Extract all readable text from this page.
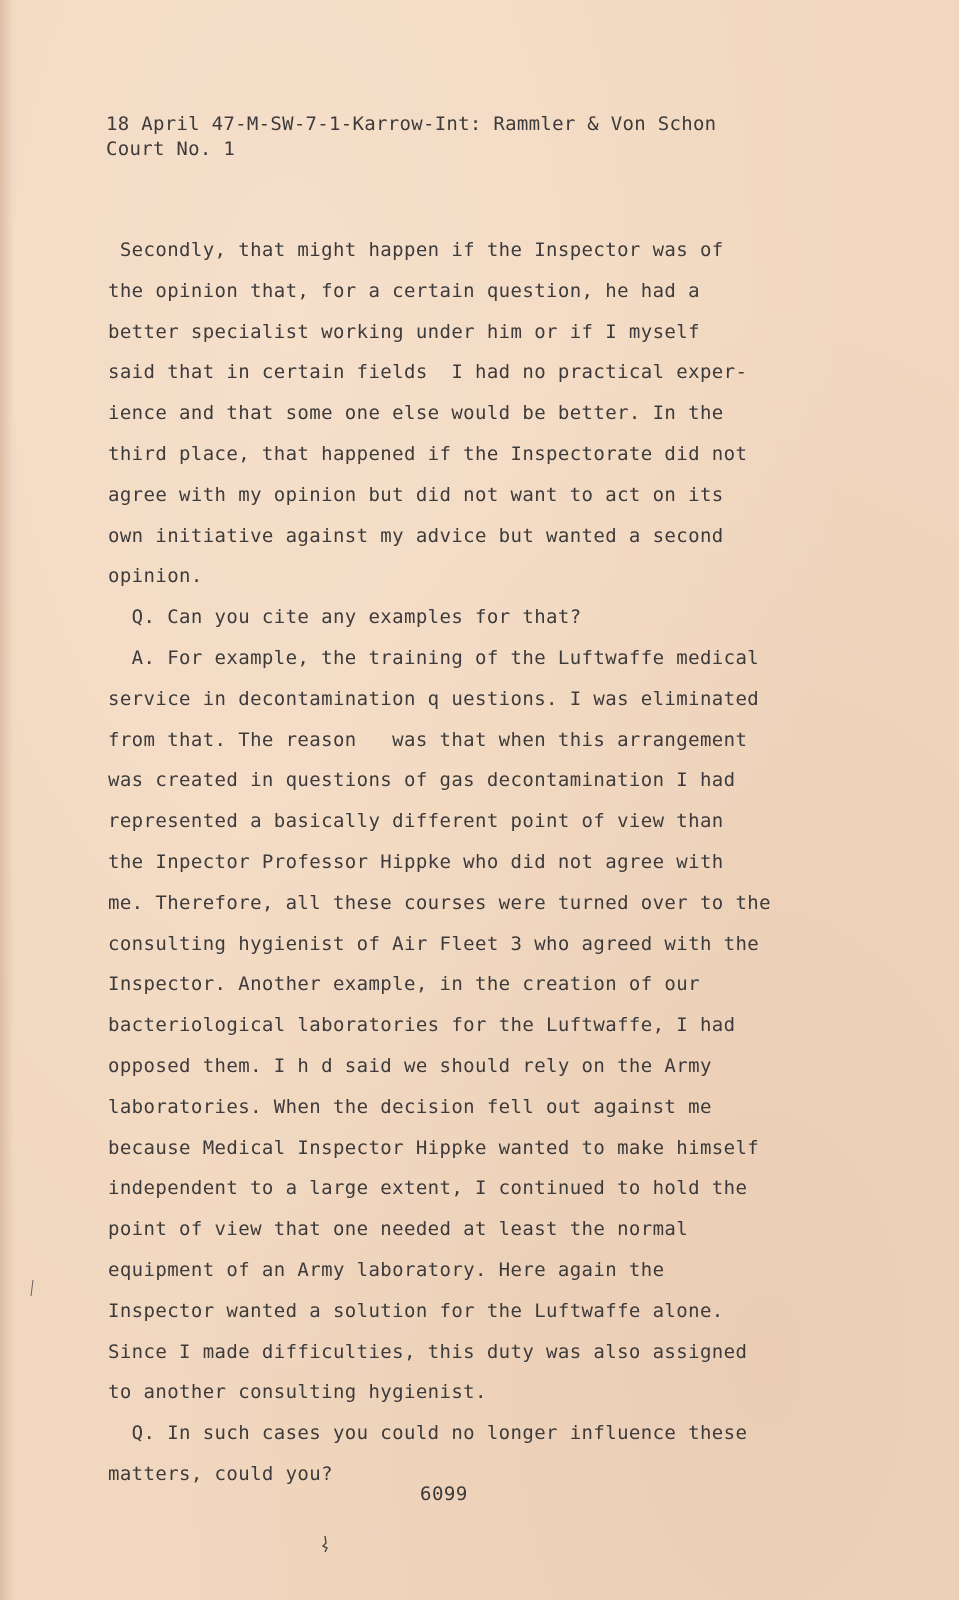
18 April 47-M-SW-7-1-Karrow-Int: Rammler & Von Schon
Court No. 1
Secondly, that might happen if the Inspector was of
the opinion that, for a certain question, he had a
better specialist working under him or if I myself
said that in certain fields  I had no practical exper-
ience and that some one else would be better. In the
third place, that happened if the Inspectorate did not
agree with my opinion but did not want to act on its
own initiative against my advice but wanted a second
opinion.
Q. Can you cite any examples for that?
A. For example, the training of the Luftwaffe medical
service in decontamination q uestions. I was eliminated
from that. The reason   was that when this arrangement
was created in questions of gas decontamination I had
represented a basically different point of view than
the Inpector Professor Hippke who did not agree with
me. Therefore, all these courses were turned over to the
consulting hygienist of Air Fleet 3 who agreed with the
Inspector. Another example, in the creation of our
bacteriological laboratories for the Luftwaffe, I had
opposed them. I h d said we should rely on the Army
laboratories. When the decision fell out against me
because Medical Inspector Hippke wanted to make himself
independent to a large extent, I continued to hold the
point of view that one needed at least the normal
equipment of an Army laboratory. Here again the
Inspector wanted a solution for the Luftwaffe alone.
Since I made difficulties, this duty was also assigned
to another consulting hygienist.
Q. In such cases you could no longer influence these
matters, could you?
6099
